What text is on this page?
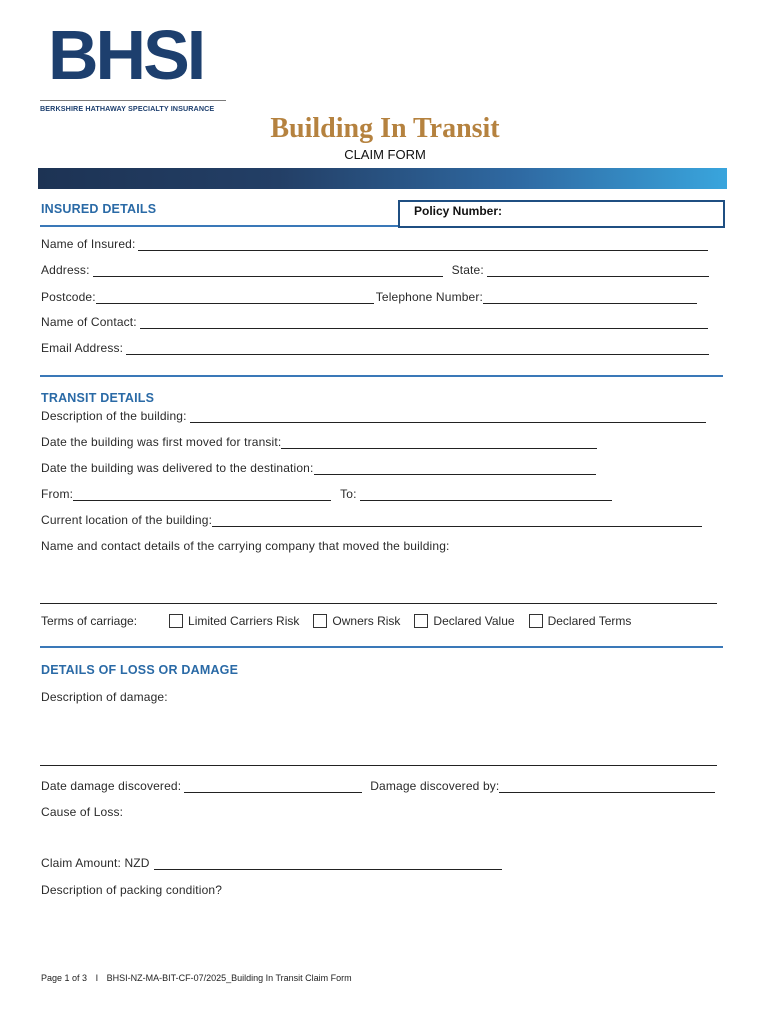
BHSI
BERKSHIRE HATHAWAY SPECIALTY INSURANCE
Building In Transit
CLAIM FORM
INSURED DETAILS	Policy Number:
Name of Insured:
Address:	State:
Postcode:	Telephone Number:
Name of Contact:
Email Address:
TRANSIT DETAILS
Description of the building:
Date the building was first moved for transit:
Date the building was delivered to the destination:
From:	To:
Current location of the building:
Name and contact details of the carrying company that moved the building:
Terms of carriage:	Limited Carriers Risk	Owners Risk	Declared Value	Declared Terms
DETAILS OF LOSS OR DAMAGE
Description of damage:
Date damage discovered:	Damage discovered by:
Cause of Loss:
Claim Amount: NZD
Description of packing condition?
Page 1 of 3 I BHSI-NZ-MA-BIT-CF-07/2025_Building In Transit Claim Form
